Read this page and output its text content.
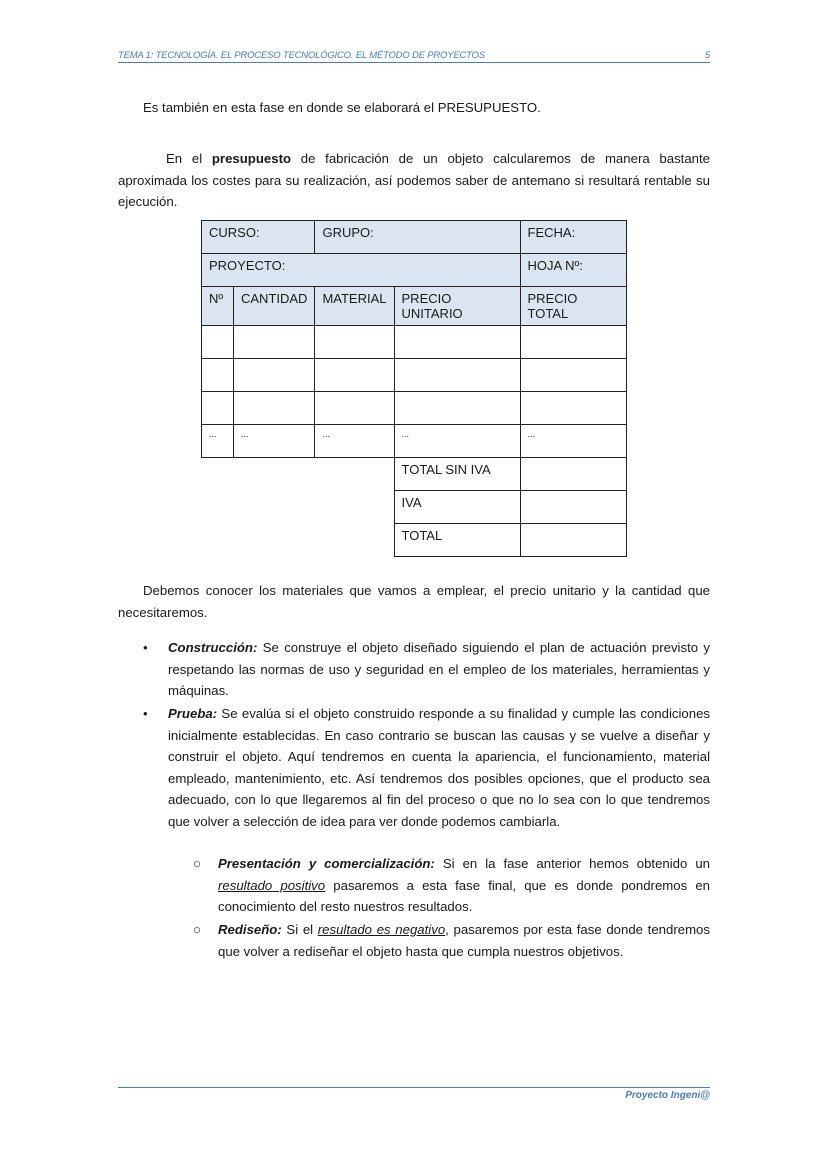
TEMA 1: TECNOLOGÍA. EL PROCESO TECNOLÓGICO. EL MÉTODO DE PROYECTOS	5
Es también en esta fase en donde se elaborará el PRESUPUESTO.
En el presupuesto de fabricación de un objeto calcularemos de manera bastante aproximada los costes para su realización, así podemos saber de antemano si resultará rentable su ejecución.
CURSO:		GRUPO:		FECHA:
PROYECTO:				HOJA Nº:
Nº	CANTIDAD	MATERIAL	PRECIO UNITARIO	PRECIO TOTAL

...	...	...	...	...
			TOTAL SIN IVA	
			IVA	
			TOTAL	
Debemos conocer los materiales que vamos a emplear, el precio unitario y la cantidad que necesitaremos.
• Construcción: Se construye el objeto diseñado siguiendo el plan de actuación previsto y respetando las normas de uso y seguridad en el empleo de los materiales, herramientas y máquinas.
• Prueba: Se evalúa si el objeto construido responde a su finalidad y cumple las condiciones inicialmente establecidas. En caso contrario se buscan las causas y se vuelve a diseñar y construir el objeto. Aquí tendremos en cuenta la apariencia, el funcionamiento, material empleado, mantenimiento, etc. Así tendremos dos posibles opciones, que el producto sea adecuado, con lo que llegaremos al fin del proceso o que no lo sea con lo que tendremos que volver a selección de idea para ver donde podemos cambiarla.
○ Presentación y comercialización: Si en la fase anterior hemos obtenido un resultado positivo pasaremos a esta fase final, que es donde pondremos en conocimiento del resto nuestros resultados.
○ Rediseño: Si el resultado es negativo, pasaremos por esta fase donde tendremos que volver a rediseñar el objeto hasta que cumpla nuestros objetivos.
Proyecto Ingeni@
